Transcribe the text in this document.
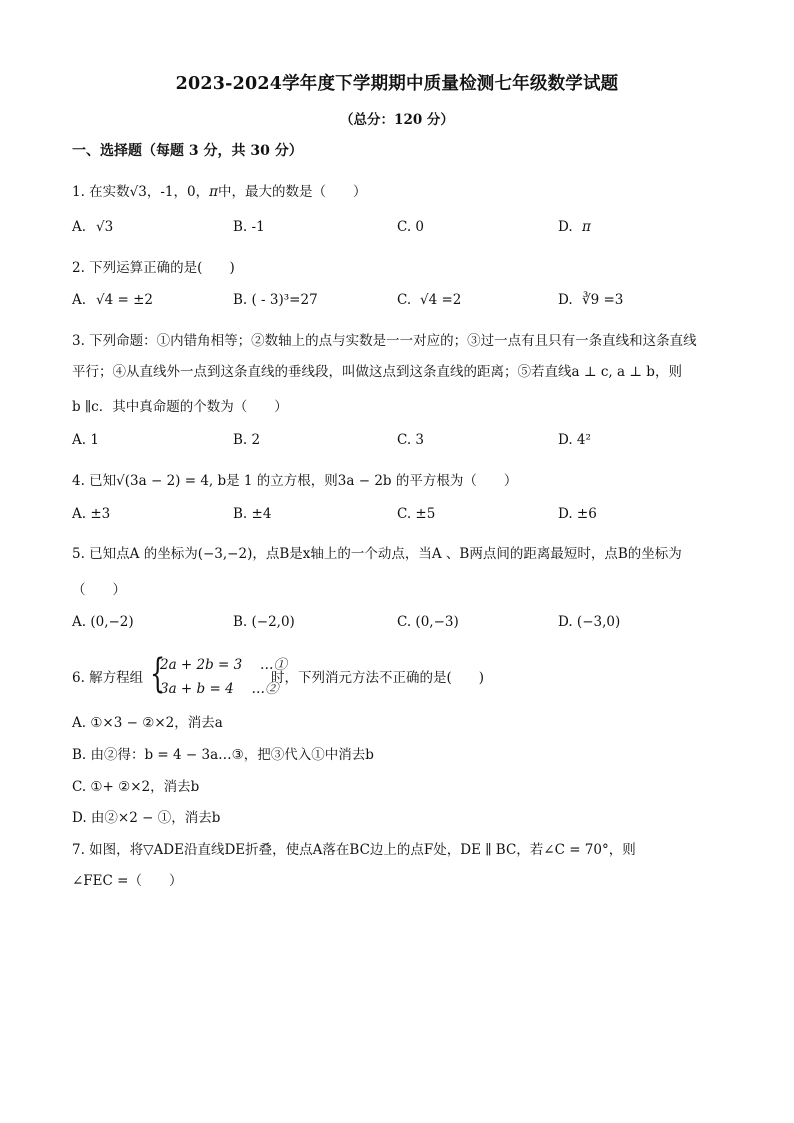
2023-2024学年度下学期期中质量检测七年级数学试题
（总分：120 分）
一、选择题（每题 3 分，共 30 分）
1. 在实数√3，-1，0，π中，最大的数是（　　）
A. √3	B. -1	C. 0	D. π
2. 下列运算正确的是(　　)
A. √4 = ±2	B. ( - 3)³=27	C. √4 =2	D. ∛9 =3
3. 下列命题：①内错角相等；②数轴上的点与实数是一一对应的；③过一点有且只有一条直线和这条直线
平行；④从直线外一点到这条直线的垂线段，叫做这点到这条直线的距离；⑤若直线a ⊥ c, a ⊥ b，则
b ∥c．其中真命题的个数为（　　）
A. 1	B. 2	C. 3	D. 4²
4. 已知√(3a − 2) = 4, b是 1 的立方根，则3a − 2b 的平方根为（　　）
A. ±3	B. ±4	C. ±5	D. ±6
5. 已知点A 的坐标为(−3,−2)，点B是x轴上的一个动点，当A 、B两点间的距离最短时，点B的坐标为
（　　）
A. (0,−2)	B. (−2,0)	C. (0,−3)	D. (−3,0)
6. 解方程组 {
2a + 2b = 3　 …①
3a + b = 4　 …②
时，下列消元方法不正确的是(　　)
A. ①×3 − ②×2，消去a
B. 由②得：b = 4 − 3a…③，把③代入①中消去b
C. ①+ ②×2，消去b
D. 由②×2 − ①，消去b
7. 如图，将▽ADE沿直线DE折叠，使点A落在BC边上的点F处，DE ∥ BC，若∠C = 70°，则
∠FEC =（　　）
